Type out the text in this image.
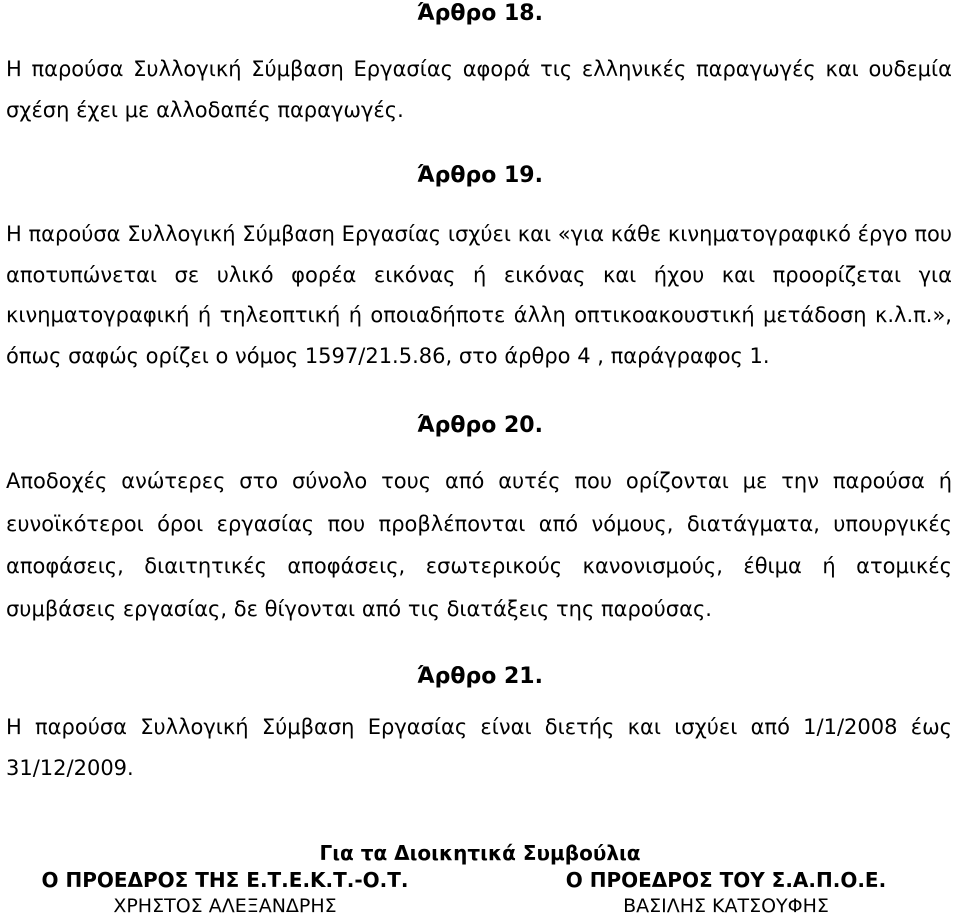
Άρθρο 18.
Η παρούσα Συλλογική Σύμβαση Εργασίας αφορά τις ελληνικές παραγωγές και ουδεμία σχέση έχει με αλλοδαπές παραγωγές.
Άρθρο 19.
Η παρούσα Συλλογική Σύμβαση Εργασίας ισχύει και «για κάθε κινηματογραφικό έργο που αποτυπώνεται σε υλικό φορέα εικόνας ή εικόνας και ήχου και προορίζεται για κινηματογραφική ή τηλεοπτική ή οποιαδήποτε άλλη οπτικοακουστική μετάδοση κ.λ.π.», όπως σαφώς ορίζει ο νόμος 1597/21.5.86, στο άρθρο 4 , παράγραφος 1.
Άρθρο 20.
Αποδοχές ανώτερες στο σύνολο τους από αυτές που ορίζονται με την παρούσα ή ευνοϊκότεροι όροι εργασίας που προβλέπονται από νόμους, διατάγματα, υπουργικές αποφάσεις, διαιτητικές αποφάσεις, εσωτερικούς κανονισμούς, έθιμα ή ατομικές συμβάσεις εργασίας, δε θίγονται από τις διατάξεις της παρούσας.
Άρθρο 21.
Η παρούσα Συλλογική Σύμβαση Εργασίας είναι διετής και ισχύει από 1/1/2008 έως 31/12/2009.
Για τα Διοικητικά Συμβούλια
Ο ΠΡΟΕΔΡΟΣ ΤΗΣ Ε.Τ.Ε.Κ.Τ.-Ο.Τ.
ΧΡΗΣΤΟΣ ΑΛΕΞΑΝΔΡΗΣ
Ο ΠΡΟΕΔΡΟΣ ΤΟΥ Σ.Α.Π.Ο.Ε.
ΒΑΣΙΛΗΣ ΚΑΤΣΟΥΦΗΣ
